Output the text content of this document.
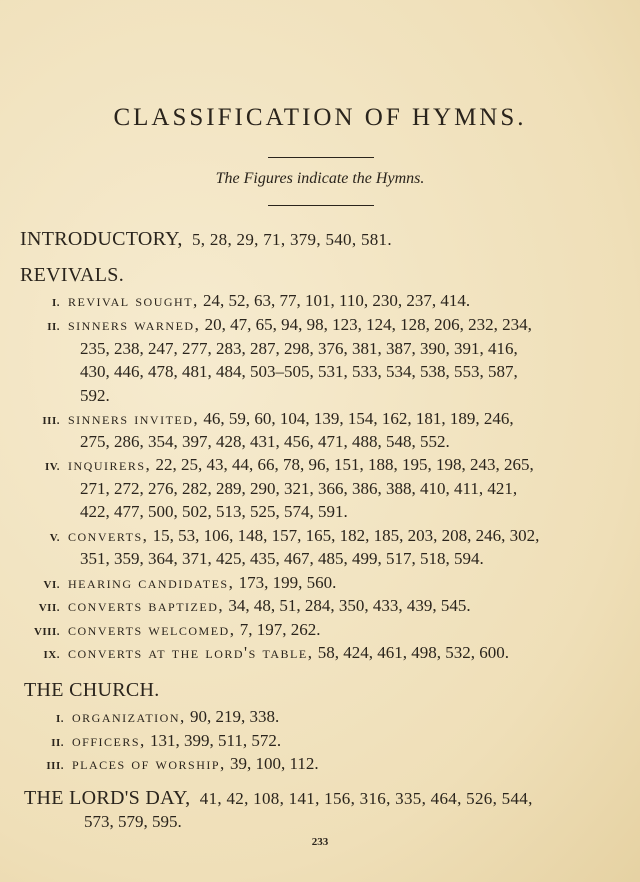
CLASSIFICATION OF HYMNS.
The Figures indicate the Hymns.
INTRODUCTORY, 5, 28, 29, 71, 379, 540, 581.
REVIVALS.
I. revival sought, 24, 52, 63, 77, 101, 110, 230, 237, 414.
II. sinners warned, 20, 47, 65, 94, 98, 123, 124, 128, 206, 232, 234,
235, 238, 247, 277, 283, 287, 298, 376, 381, 387, 390, 391, 416,
430, 446, 478, 481, 484, 503–505, 531, 533, 534, 538, 553, 587,
592.
III. sinners invited, 46, 59, 60, 104, 139, 154, 162, 181, 189, 246,
275, 286, 354, 397, 428, 431, 456, 471, 488, 548, 552.
IV. inquirers, 22, 25, 43, 44, 66, 78, 96, 151, 188, 195, 198, 243, 265,
271, 272, 276, 282, 289, 290, 321, 366, 386, 388, 410, 411, 421,
422, 477, 500, 502, 513, 525, 574, 591.
V. converts, 15, 53, 106, 148, 157, 165, 182, 185, 203, 208, 246, 302,
351, 359, 364, 371, 425, 435, 467, 485, 499, 517, 518, 594.
VI. hearing candidates, 173, 199, 560.
VII. converts baptized, 34, 48, 51, 284, 350, 433, 439, 545.
VIII. converts welcomed, 7, 197, 262.
IX. converts at the lord's table, 58, 424, 461, 498, 532, 600.
THE CHURCH.
I. organization, 90, 219, 338.
II. officers, 131, 399, 511, 572.
III. places of worship, 39, 100, 112.
THE LORD'S DAY, 41, 42, 108, 141, 156, 316, 335, 464, 526, 544,
573, 579, 595.
233
